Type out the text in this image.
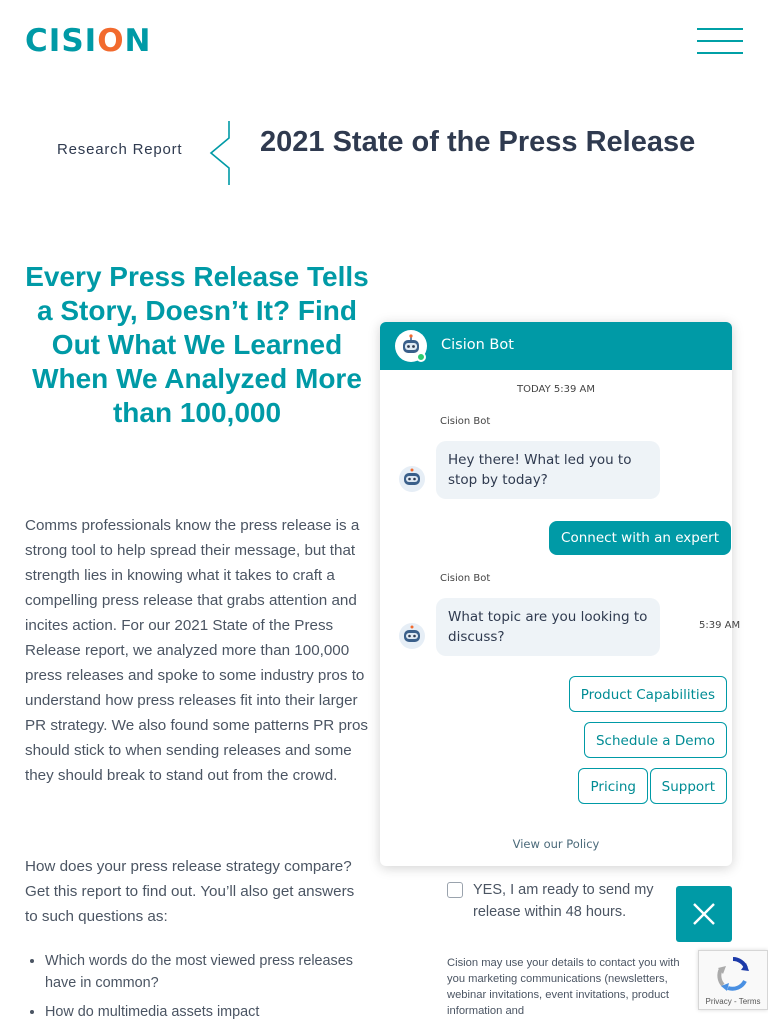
C I S I O N
Research Report	2021 State of the Press Release
Every Press Release Tells a Story, Doesn’t It? Find Out What We Learned When We Analyzed More than 100,000

Comms professionals know the press release is a strong tool to help spread their message, but that strength lies in knowing what it takes to craft a compelling press release that grabs attention and incites action. For our 2021 State of the Press Release report, we analyzed more than 100,000 press releases and spoke to some industry pros to understand how press releases fit into their larger PR strategy. We also found some patterns PR pros should stick to when sending releases and some they should break to stand out from the crowd.

How does your press release strategy compare? Get this report to find out. You’ll also get answers to such questions as:

• Which words do the most viewed press releases have in common?
• How do multimedia assets impact
YES, I am ready to send my release within 48 hours.

Cision may use your details to contact you with you marketing communications (newsletters, webinar invitations, event invitations, product information and

Cision Bot
TODAY 5:39 AM
Cision Bot
Hey there! ⁠What led you to stop by today?
Connect with an expert
Cision Bot
What topic are you looking to discuss?
5:39 AM
Product Capabilities
Schedule a Demo
Pricing	Support
View our Policy
Privacy - Terms
